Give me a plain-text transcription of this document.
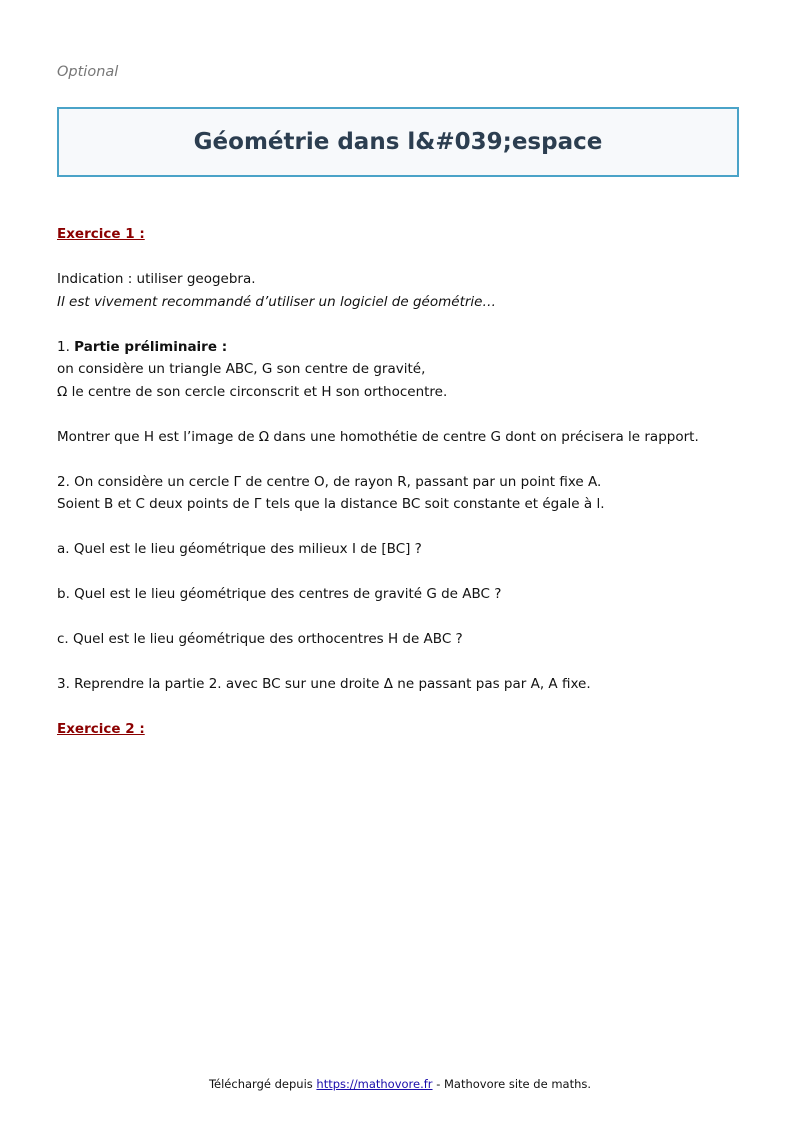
Optional
Géométrie dans l&#039;espace

Exercice 1 :

Indication : utiliser geogebra.

Il est vivement recommandé d’utiliser un logiciel de géométrie…

1. Partie préliminaire :

on considère un triangle ABC, G son centre de gravité,

Ω le centre de son cercle circonscrit et H son orthocentre.

Montrer que H est l’image de Ω dans une homothétie de centre G dont on précisera le rapport.

2. On considère un cercle Γ de centre O, de rayon R, passant par un point fixe A.

Soient B et C deux points de Γ tels que la distance BC soit constante et égale à l.

a. Quel est le lieu géométrique des milieux I de [BC] ?

b. Quel est le lieu géométrique des centres de gravité G de ABC ?

c. Quel est le lieu géométrique des orthocentres H de ABC ?

3. Reprendre la partie 2. avec BC sur une droite Δ ne passant pas par A, A fixe.

Exercice 2 :

Téléchargé depuis https://mathovore.fr - Mathovore site de maths.
